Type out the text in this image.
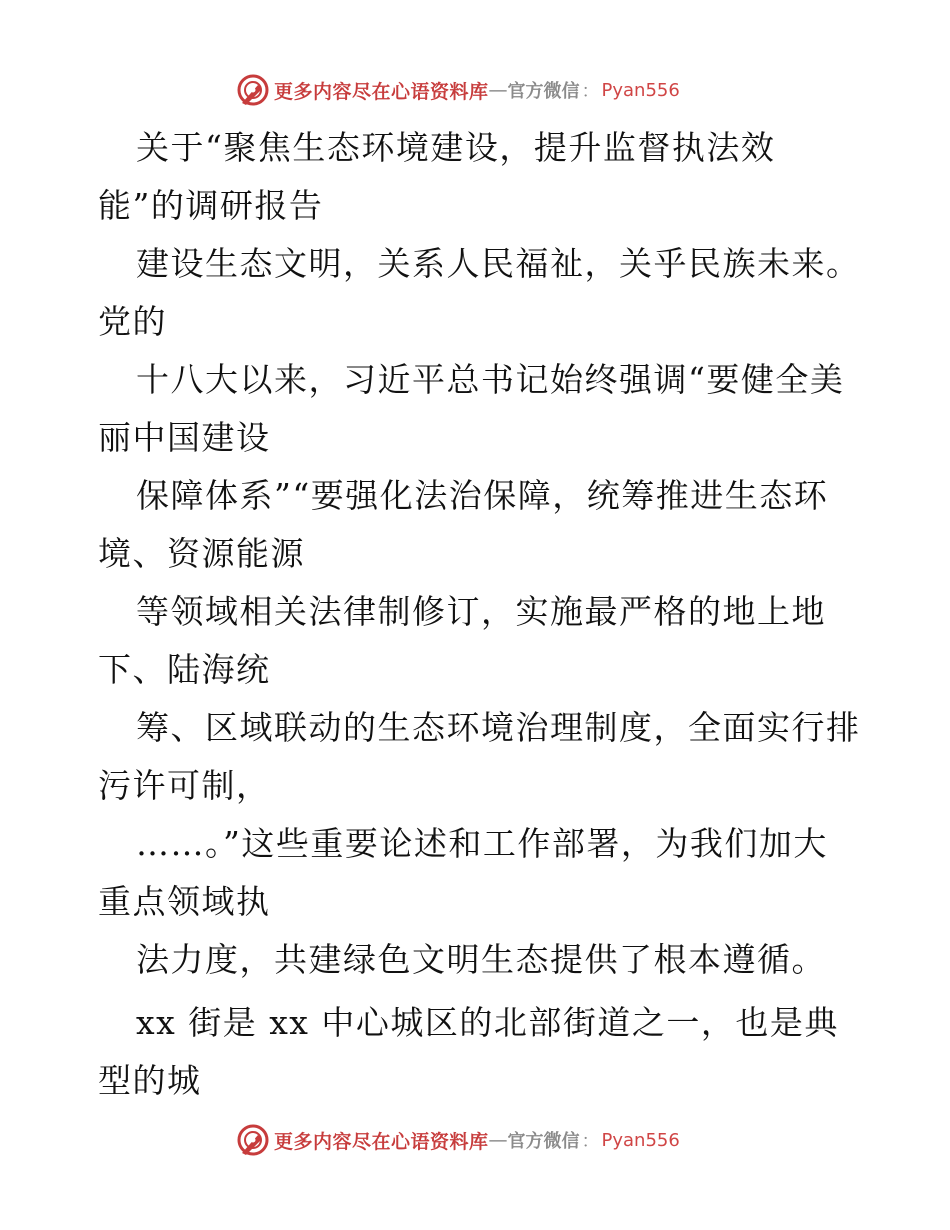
更多内容尽在心语资料库 — 官方微信 ： Pyan556
关于“聚焦生态环境建设，提升监督执法效
能”的调研报告
建设生态文明，关系人民福祉，关乎民族未来。
党的
十八大以来，习近平总书记始终强调“要健全美
丽中国建设
保障体系”“要强化法治保障，统筹推进生态环
境、资源能源
等领域相关法律制修订，实施最严格的地上地
下、陆海统
筹、区域联动的生态环境治理制度，全面实行排
污许可制，
……。”这些重要论述和工作部署，为我们加大
重点领域执
法力度，共建绿色文明生态提供了根本遵循。
xx 街是 xx 中心城区的北部街道之一，也是典
型的城
更多内容尽在心语资料库 — 官方微信 ： Pyan556
